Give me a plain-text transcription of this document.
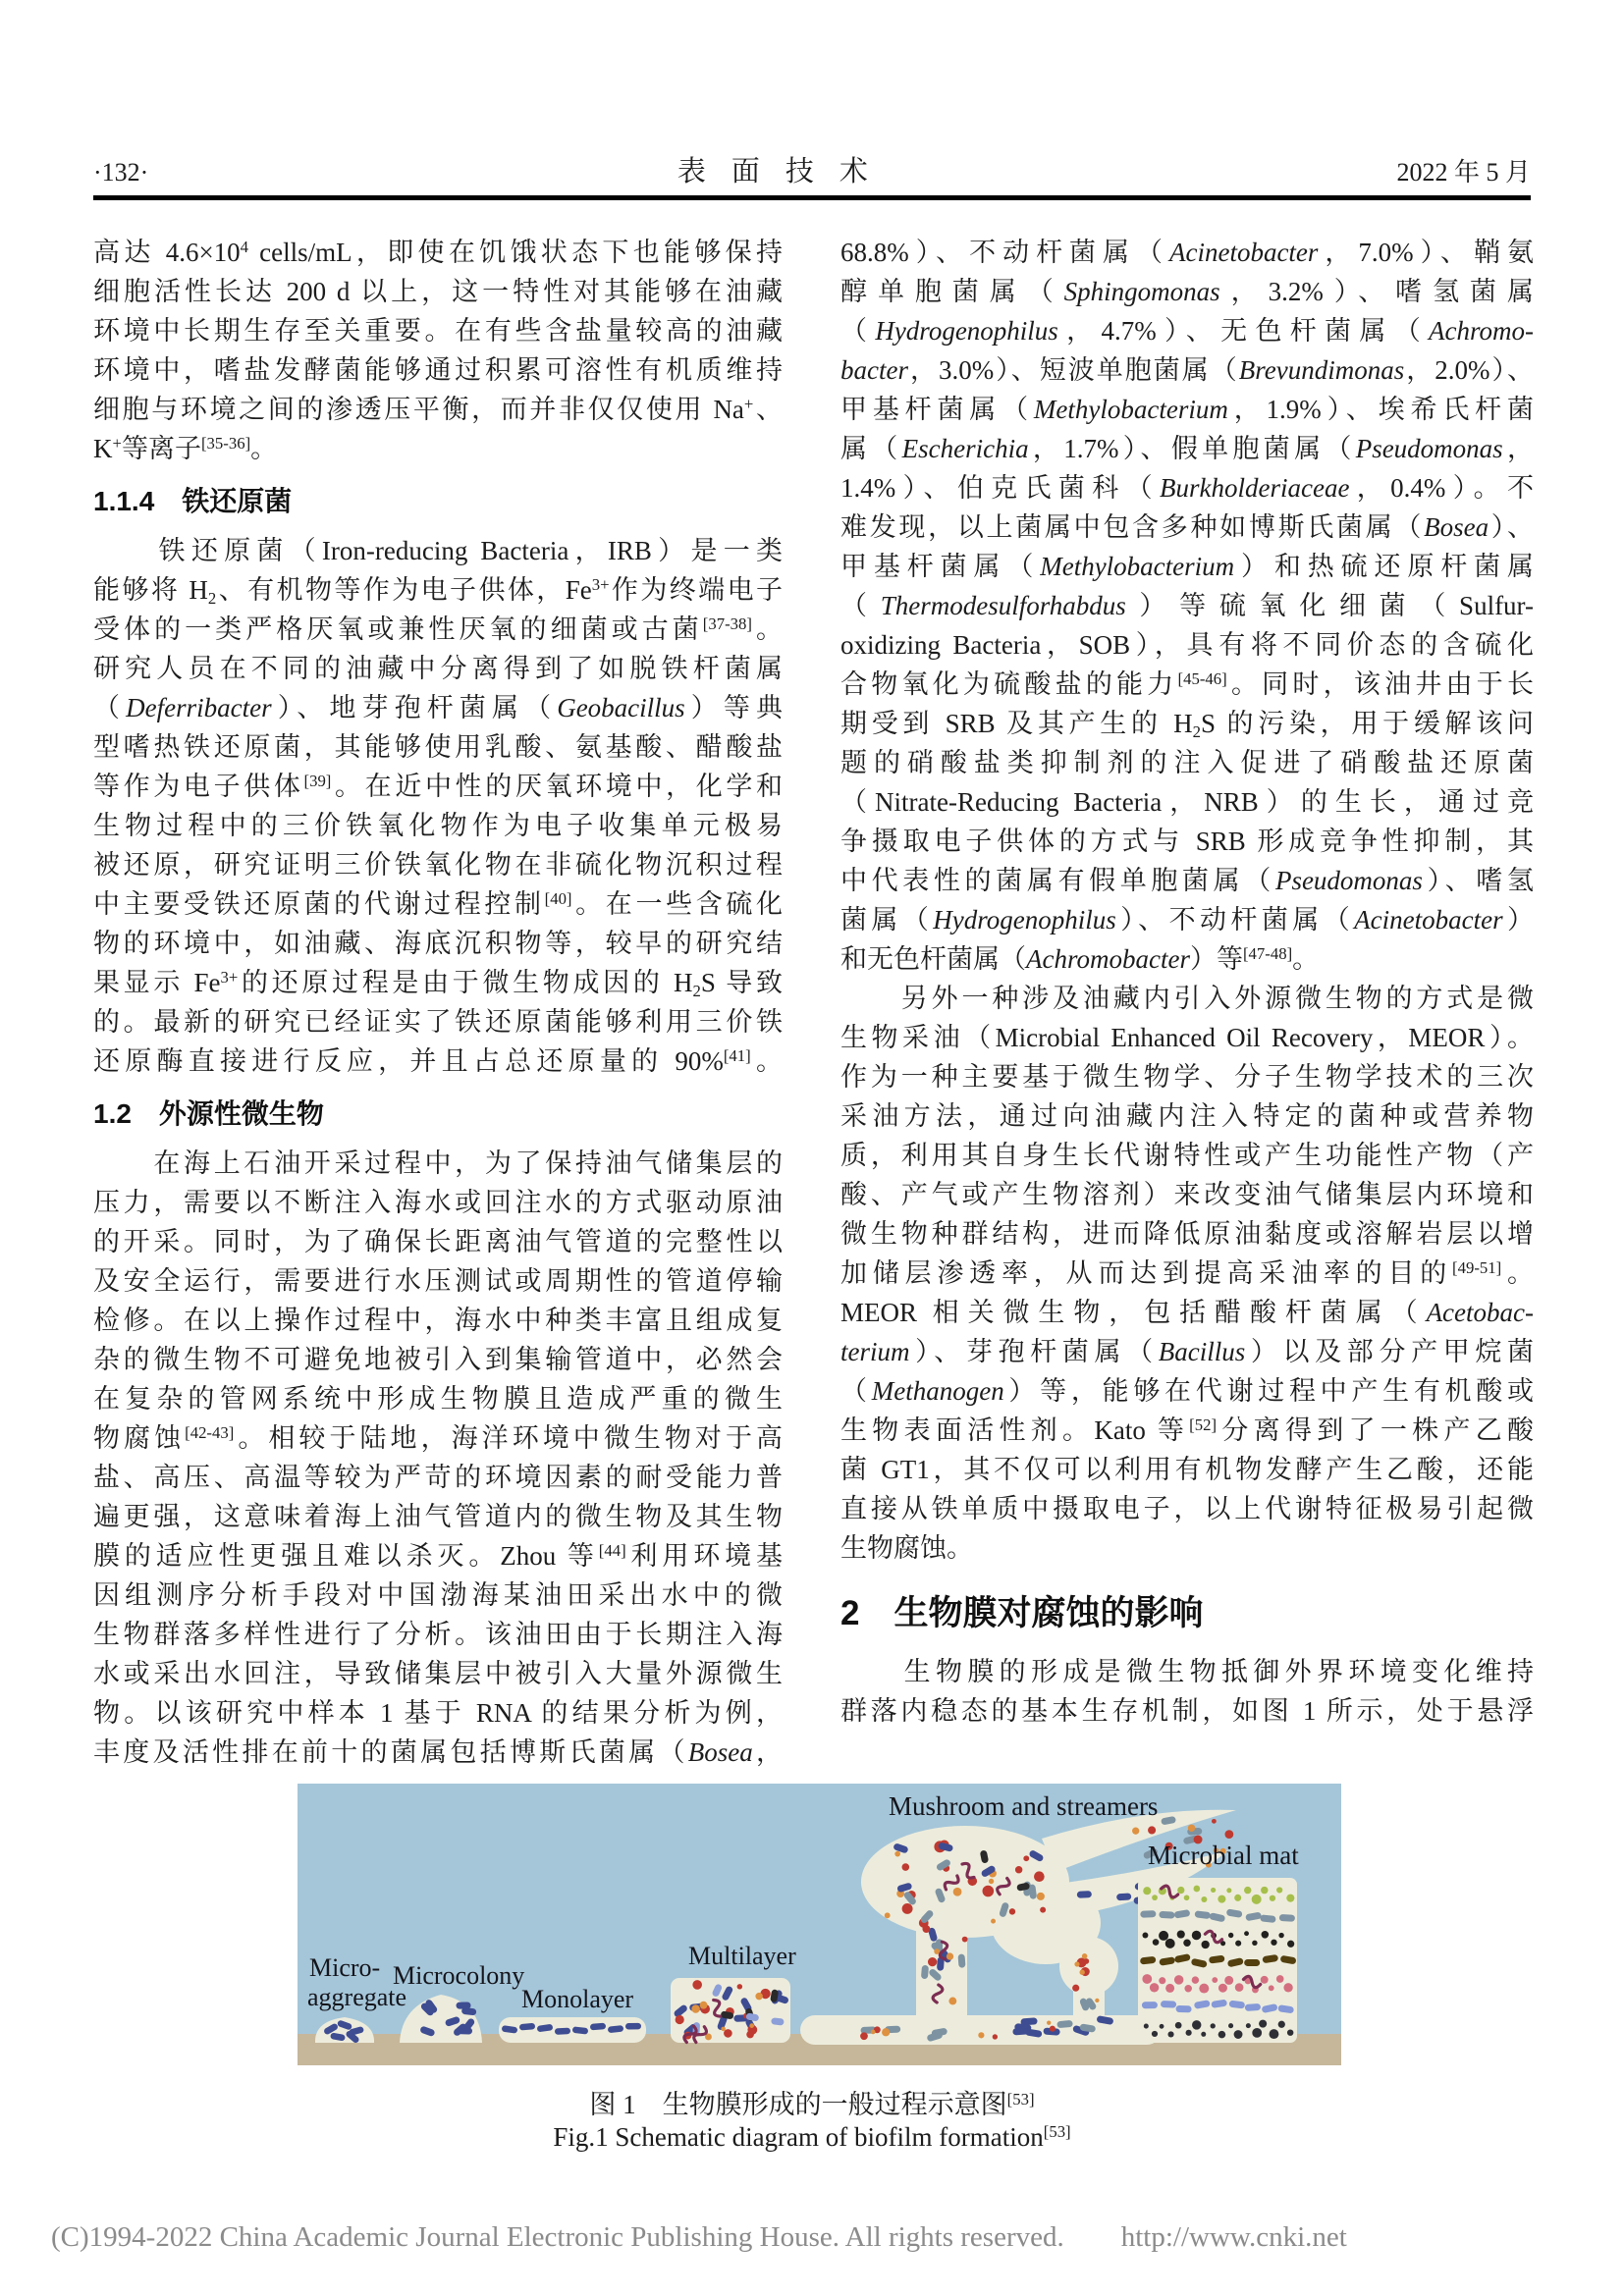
·132·	表面技术	2022 年 5 月
高达 $4.6\times 10^4$ cells/mL，即使在饥饿状态下也能够保持
细胞活性长达 200 d 以上，这一特性对其能够在油藏
环境中长期生存至关重要。在有些含盐量较高的油藏
环境中，嗜盐发酵菌能够通过积累可溶性有机质维持
细胞与环境之间的渗透压平衡，而并非仅仅使用 Na+、
K+等离子[35-36]。
1.1.4　铁还原菌
　　铁还原菌（Iron-reducing Bacteria，IRB）是一类
能够将 $H_2$、有机物等作为电子供体，$Fe^{3+}$作为终端电子
受体的一类严格厌氧或兼性厌氧的细菌或古菌[37-38]。
研究人员在不同的油藏中分离得到了如脱铁杆菌属
（Deferribacter）、地芽孢杆菌属（Geobacillus）等典
型嗜热铁还原菌，其能够使用乳酸、氨基酸、醋酸盐
等作为电子供体[39]。在近中性的厌氧环境中，化学和
生物过程中的三价铁氧化物作为电子收集单元极易
被还原，研究证明三价铁氧化物在非硫化物沉积过程
中主要受铁还原菌的代谢过程控制[40]。在一些含硫化
物的环境中，如油藏、海底沉积物等，较早的研究结
果显示 $Fe^{3+}$的还原过程是由于微生物成因的 $H_2S$ 导致
的。最新的研究已经证实了铁还原菌能够利用三价铁
还原酶直接进行反应，并且占总还原量的 90%[41]。
1.2　外源性微生物
　　在海上石油开采过程中，为了保持油气储集层的
压力，需要以不断注入海水或回注水的方式驱动原油
的开采。同时，为了确保长距离油气管道的完整性以
及安全运行，需要进行水压测试或周期性的管道停输
检修。在以上操作过程中，海水中种类丰富且组成复
杂的微生物不可避免地被引入到集输管道中，必然会
在复杂的管网系统中形成生物膜且造成严重的微生
物腐蚀[42-43]。相较于陆地，海洋环境中微生物对于高
盐、高压、高温等较为严苛的环境因素的耐受能力普
遍更强，这意味着海上油气管道内的微生物及其生物
膜的适应性更强且难以杀灭。Zhou 等[44]利用环境基
因组测序分析手段对中国渤海某油田采出水中的微
生物群落多样性进行了分析。该油田由于长期注入海
水或采出水回注，导致储集层中被引入大量外源微生
物。以该研究中样本 1 基于 RNA 的结果分析为例，
丰度及活性排在前十的菌属包括博斯氏菌属（Bosea，
68.8%）、不动杆菌属（Acinetobacter，7.0%）、鞘氨
醇单胞菌属（Sphingomonas，3.2%）、嗜氢菌属
（Hydrogenophilus，4.7%）、无色杆菌属（Achromo-
bacter，3.0%）、短波单胞菌属（Brevundimonas，2.0%）、
甲基杆菌属（Methylobacterium，1.9%）、埃希氏杆菌
属（Escherichia，1.7%）、假单胞菌属（Pseudomonas，
1.4%）、伯克氏菌科（Burkholderiaceae，0.4%）。不
难发现，以上菌属中包含多种如博斯氏菌属（Bosea）、
甲基杆菌属（Methylobacterium）和热硫还原杆菌属
（Thermodesulforhabdus）等硫氧化细菌（Sulfur-
oxidizing Bacteria，SOB），具有将不同价态的含硫化
合物氧化为硫酸盐的能力[45-46]。同时，该油井由于长
期受到 SRB 及其产生的 $H_2S$ 的污染，用于缓解该问
题的硝酸盐类抑制剂的注入促进了硝酸盐还原菌
（Nitrate-Reducing Bacteria，NRB）的生长，通过竞
争摄取电子供体的方式与 SRB 形成竞争性抑制，其
中代表性的菌属有假单胞菌属（Pseudomonas）、嗜氢
菌属（Hydrogenophilus）、不动杆菌属（Acinetobacter）
和无色杆菌属（Achromobacter）等[47-48]。
　　另外一种涉及油藏内引入外源微生物的方式是微
生物采油（Microbial Enhanced Oil Recovery，MEOR）。
作为一种主要基于微生物学、分子生物学技术的三次
采油方法，通过向油藏内注入特定的菌种或营养物
质，利用其自身生长代谢特性或产生功能性产物（产
酸、产气或产生物溶剂）来改变油气储集层内环境和
微生物种群结构，进而降低原油黏度或溶解岩层以增
加储层渗透率，从而达到提高采油率的目的[49-51]。
MEOR 相关微生物，包括醋酸杆菌属（Acetobac-
terium）、芽孢杆菌属（Bacillus）以及部分产甲烷菌
（Methanogen）等，能够在代谢过程中产生有机酸或
生物表面活性剂。Kato 等[52]分离得到了一株产乙酸
菌 GT1，其不仅可以利用有机物发酵产生乙酸，还能
直接从铁单质中摄取电子，以上代谢特征极易引起微
生物腐蚀。
2　生物膜对腐蚀的影响
　　生物膜的形成是微生物抵御外界环境变化维持
群落内稳态的基本生存机制，如图 1 所示，处于悬浮
Micro-
aggregate
Microcolony
Monolayer
Multilayer
Mushroom and streamers
Microbial mat
图 1　生物膜形成的一般过程示意图[53]
Fig.1 Schematic diagram of biofilm formation[53]
(C)1994-2022 China Academic Journal Electronic Publishing House. All rights reserved.　　http://www.cnki.net
